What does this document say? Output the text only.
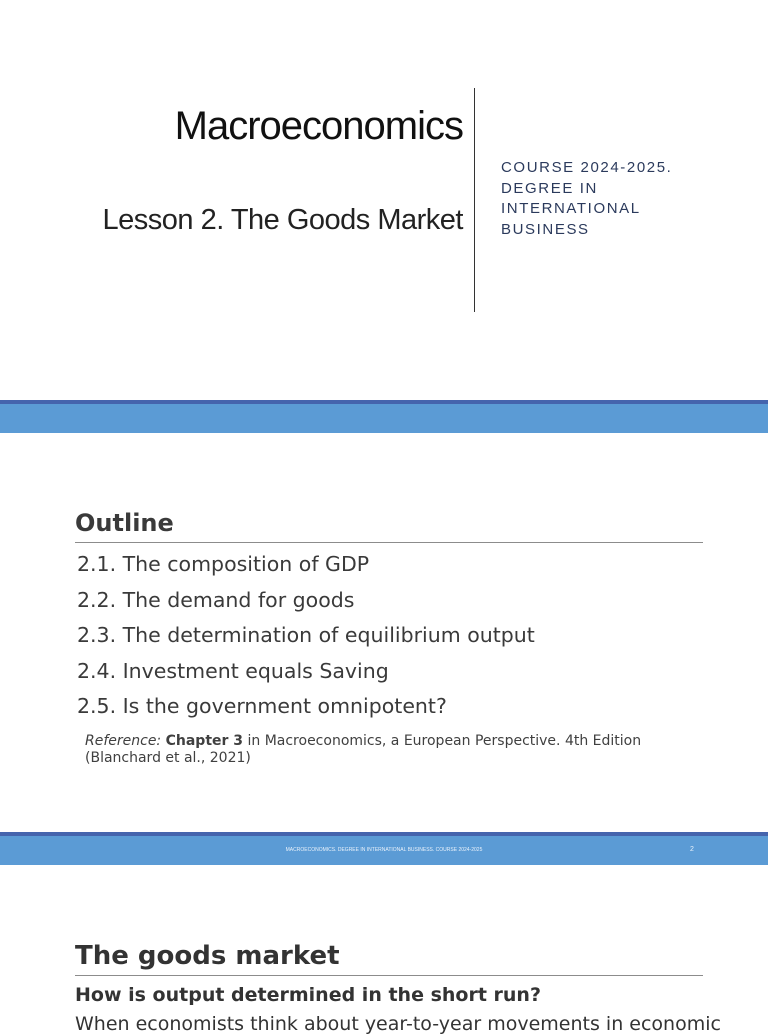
Macroeconomics
Lesson 2. The Goods Market
COURSE 2024-2025.
DEGREE IN
INTERNATIONAL
BUSINESS
Outline
2.1. The composition of GDP
2.2. The demand for goods
2.3. The determination of equilibrium output
2.4. Investment equals Saving
2.5. Is the government omnipotent?
Reference: Chapter 3 in Macroeconomics, a European Perspective. 4th Edition
(Blanchard et al., 2021)
MACROECONOMICS. DEGREE IN INTERNATIONAL BUSINESS. COURSE 2024-2025	2
The goods market
How is output determined in the short run?
When economists think about year-to-year movements in economic
